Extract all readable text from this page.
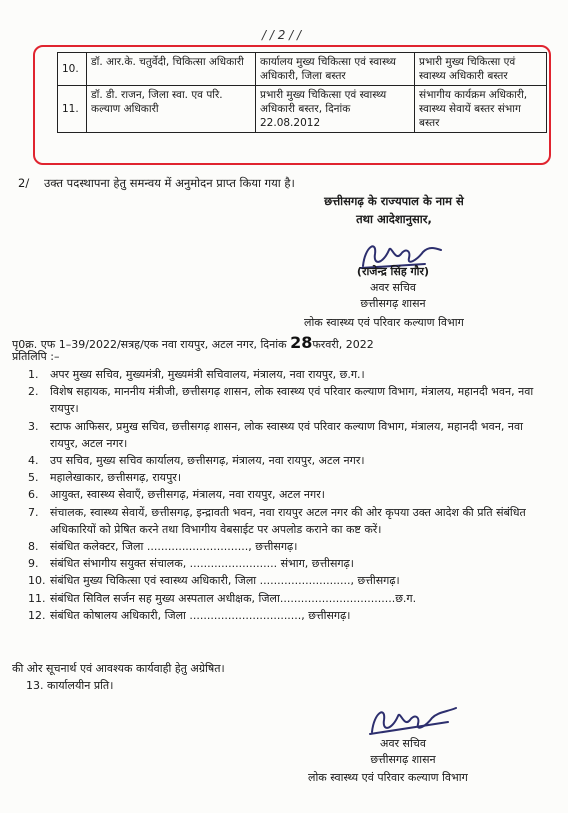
/ / 2 / /
10.	डॉ. आर.के. चतुर्वेदी, चिकित्सा अधिकारी	कार्यालय मुख्य चिकित्सा एवं स्वास्थ्य अधिकारी, जिला बस्तर	प्रभारी मुख्य चिकित्सा एवं स्वास्थ्य अधिकारी बस्तर
11.	डॉ. डी. राजन, जिला स्वा. एव परि. कल्याण अधिकारी	प्रभारी मुख्य चिकित्सा एवं स्वास्थ्य अधिकारी बस्तर, दिनांक 22.08.2012	संभागीय कार्यक्रम अधिकारी, स्वास्थ्य सेवायें बस्तर संभाग बस्तर
2/ उक्त पदस्थापना हेतु समन्वय में अनुमोदन प्राप्त किया गया है।
छत्तीसगढ़ के राज्यपाल के नाम से
तथा आदेशानुसार,
(राजेन्द्र सिंह गौर)
अवर सचिव
छत्तीसगढ़ शासन
लोक स्वास्थ्य एवं परिवार कल्याण विभाग
पृ0क्र. एफ 1–39/2022/सत्रह/एक नवा रायपुर, अटल नगर, दिनांक 28फरवरी, 2022
प्रतिलिपि :–
1. अपर मुख्य सचिव, मुख्यमंत्री, मुख्यमंत्री सचिवालय, मंत्रालय, नवा रायपुर, छ.ग.।
2. विशेष सहायक, माननीय मंत्रीजी, छत्तीसगढ़ शासन, लोक स्वास्थ्य एवं परिवार कल्याण विभाग, मंत्रालय, महानदी भवन, नवा रायपुर।
3. स्टाफ आफिसर, प्रमुख सचिव, छत्तीसगढ़ शासन, लोक स्वास्थ्य एवं परिवार कल्याण विभाग, मंत्रालय, महानदी भवन, नवा रायपुर, अटल नगर।
4. उप सचिव, मुख्य सचिव कार्यालय, छत्तीसगढ़, मंत्रालय, नवा रायपुर, अटल नगर।
5. महालेखाकार, छत्तीसगढ़, रायपुर।
6. आयुक्त, स्वास्थ्य सेवाएँ, छत्तीसगढ़, मंत्रालय, नवा रायपुर, अटल नगर।
7. संचालक, स्वास्थ्य सेवायें, छत्तीसगढ़, इन्द्रावती भवन, नवा रायपुर अटल नगर की ओर कृपया उक्त आदेश की प्रति संबंधित अधिकारियों को प्रेषित करने तथा विभागीय वेबसाईट पर अपलोड कराने का कष्ट करें।
8. संबंधित कलेक्टर, जिला ............................., छत्तीसगढ़।
9. संबंधित संभागीय सयुक्त संचालक, ......................... संभाग, छत्तीसगढ़।
10. संबंधित मुख्य चिकित्सा एवं स्वास्थ्य अधिकारी, जिला .........................., छत्तीसगढ़।
11. संबंधित सिविल सर्जन सह मुख्य अस्पताल अधीक्षक, जिला.................................छ.ग.
12. संबंधित कोषालय अधिकारी, जिला ................................, छत्तीसगढ़।
की ओर सूचनार्थ एवं आवश्यक कार्यवाही हेतु अग्रेषित।
13. कार्यालयीन प्रति।
अवर सचिव
छत्तीसगढ़ शासन
लोक स्वास्थ्य एवं परिवार कल्याण विभाग
